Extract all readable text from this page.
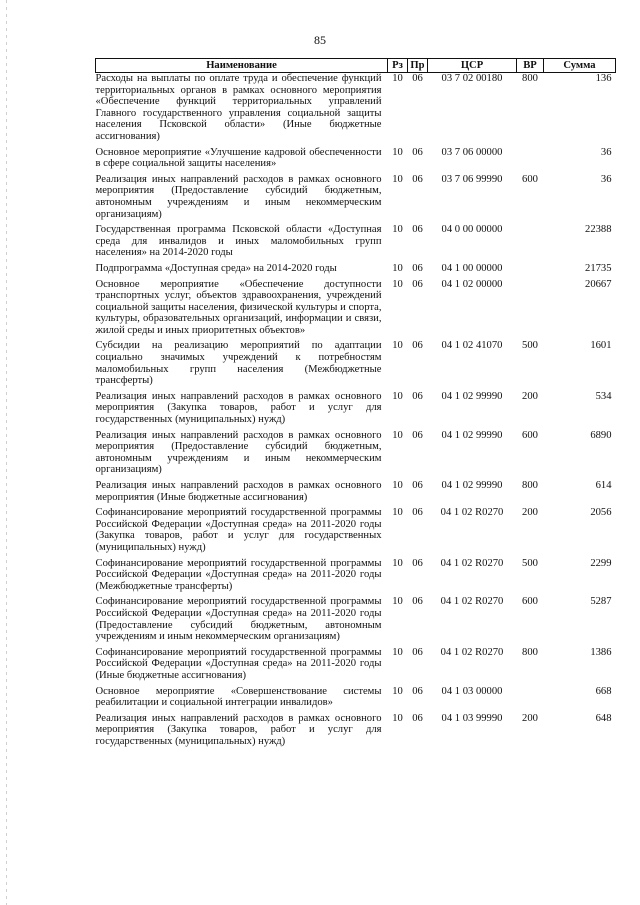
85
Наименование	Рз	Пр	ЦСР	ВР	Сумма
Расходы на выплаты по оплате труда и обеспечение функций территориальных органов в рамках основного мероприятия «Обеспечение функций территориальных управлений Главного государственного управления социальной защиты населения Псковской области» (Иные бюджетные ассигнования)	10	06	03 7 02 00180	800	136
Основное мероприятие «Улучшение кадровой обеспеченности в сфере социальной защиты населения»	10	06	03 7 06 00000		36
Реализация иных направлений расходов в рамках основного мероприятия (Предоставление субсидий бюджетным, автономным учреждениям и иным некоммерческим организациям)	10	06	03 7 06 99990	600	36
Государственная программа Псковской области «Доступная среда для инвалидов и иных маломобильных групп населения» на 2014-2020 годы	10	06	04 0 00 00000		22388
Подпрограмма «Доступная среда» на 2014-2020 годы	10	06	04 1 00 00000		21735
Основное мероприятие «Обеспечение доступности транспортных услуг, объектов здравоохранения, учреждений социальной защиты населения, физической культуры и спорта, культуры, образовательных организаций, информации и связи, жилой среды и иных приоритетных объектов»	10	06	04 1 02 00000		20667
Субсидии на реализацию мероприятий по адаптации социально значимых учреждений к потребностям маломобильных групп населения (Межбюджетные трансферты)	10	06	04 1 02 41070	500	1601
Реализация иных направлений расходов в рамках основного мероприятия (Закупка товаров, работ и услуг для государственных (муниципальных) нужд)	10	06	04 1 02 99990	200	534
Реализация иных направлений расходов в рамках основного мероприятия (Предоставление субсидий бюджетным, автономным учреждениям и иным некоммерческим организациям)	10	06	04 1 02 99990	600	6890
Реализация иных направлений расходов в рамках основного мероприятия (Иные бюджетные ассигнования)	10	06	04 1 02 99990	800	614
Софинансирование мероприятий государственной программы Российской Федерации «Доступная среда» на 2011-2020 годы (Закупка товаров, работ и услуг для государственных (муниципальных) нужд)	10	06	04 1 02 R0270	200	2056
Софинансирование мероприятий государственной программы Российской Федерации «Доступная среда» на 2011-2020 годы (Межбюджетные трансферты)	10	06	04 1 02 R0270	500	2299
Софинансирование мероприятий государственной программы Российской Федерации «Доступная среда» на 2011-2020 годы (Предоставление субсидий бюджетным, автономным учреждениям и иным некоммерческим организациям)	10	06	04 1 02 R0270	600	5287
Софинансирование мероприятий государственной программы Российской Федерации «Доступная среда» на 2011-2020 годы (Иные бюджетные ассигнования)	10	06	04 1 02 R0270	800	1386
Основное мероприятие «Совершенствование системы реабилитации и социальной интеграции инвалидов»	10	06	04 1 03 00000		668
Реализация иных направлений расходов в рамках основного мероприятия (Закупка товаров, работ и услуг для государственных (муниципальных) нужд)	10	06	04 1 03 99990	200	648
